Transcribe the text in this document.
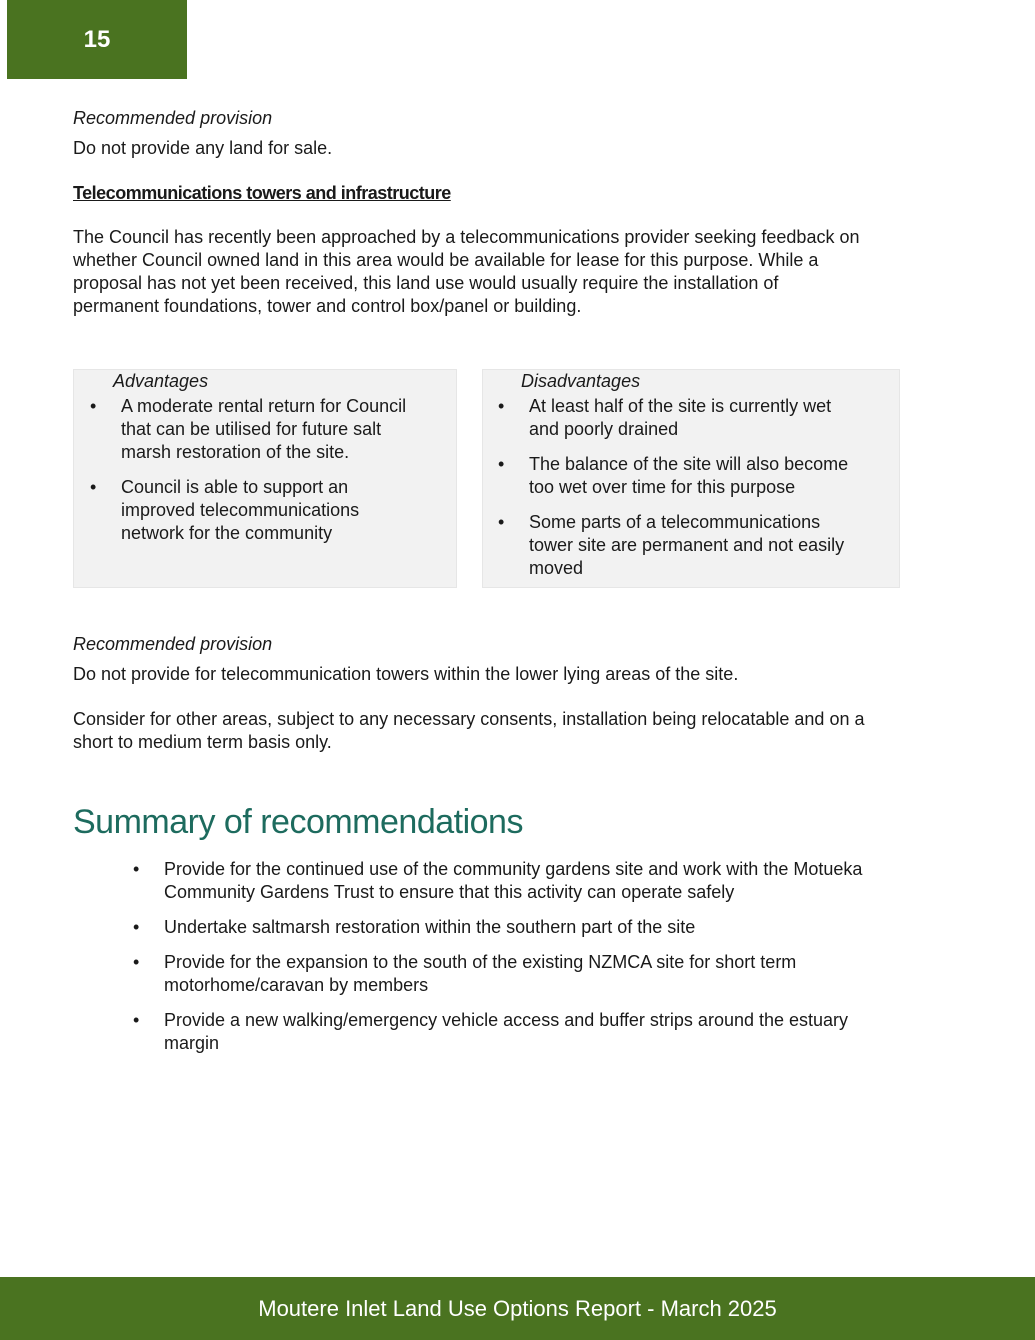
15

Recommended provision

Do not provide any land for sale.

Telecommunications towers and infrastructure

The Council has recently been approached by a telecommunications provider seeking feedback on
whether Council owned land in this area would be available for lease for this purpose. While a
proposal has not yet been received, this land use would usually require the installation of
permanent foundations, tower and control box/panel or building.
Advantages
• A moderate rental return for Council
that can be utilised for future salt
marsh restoration of the site.
• Council is able to support an
improved telecommunications
network for the community
Disadvantages
• At least half of the site is currently wet
and poorly drained
• The balance of the site will also become
too wet over time for this purpose
• Some parts of a telecommunications
tower site are permanent and not easily
moved

Recommended provision

Do not provide for telecommunication towers within the lower lying areas of the site.

Consider for other areas, subject to any necessary consents, installation being relocatable and on a
short to medium term basis only.
Summary of recommendations
• Provide for the continued use of the community gardens site and work with the Motueka
Community Gardens Trust to ensure that this activity can operate safely
• Undertake saltmarsh restoration within the southern part of the site
• Provide for the expansion to the south of the existing NZMCA site for short term
motorhome/caravan by members
• Provide a new walking/emergency vehicle access and buffer strips around the estuary
margin
Moutere Inlet Land Use Options Report - March 2025
